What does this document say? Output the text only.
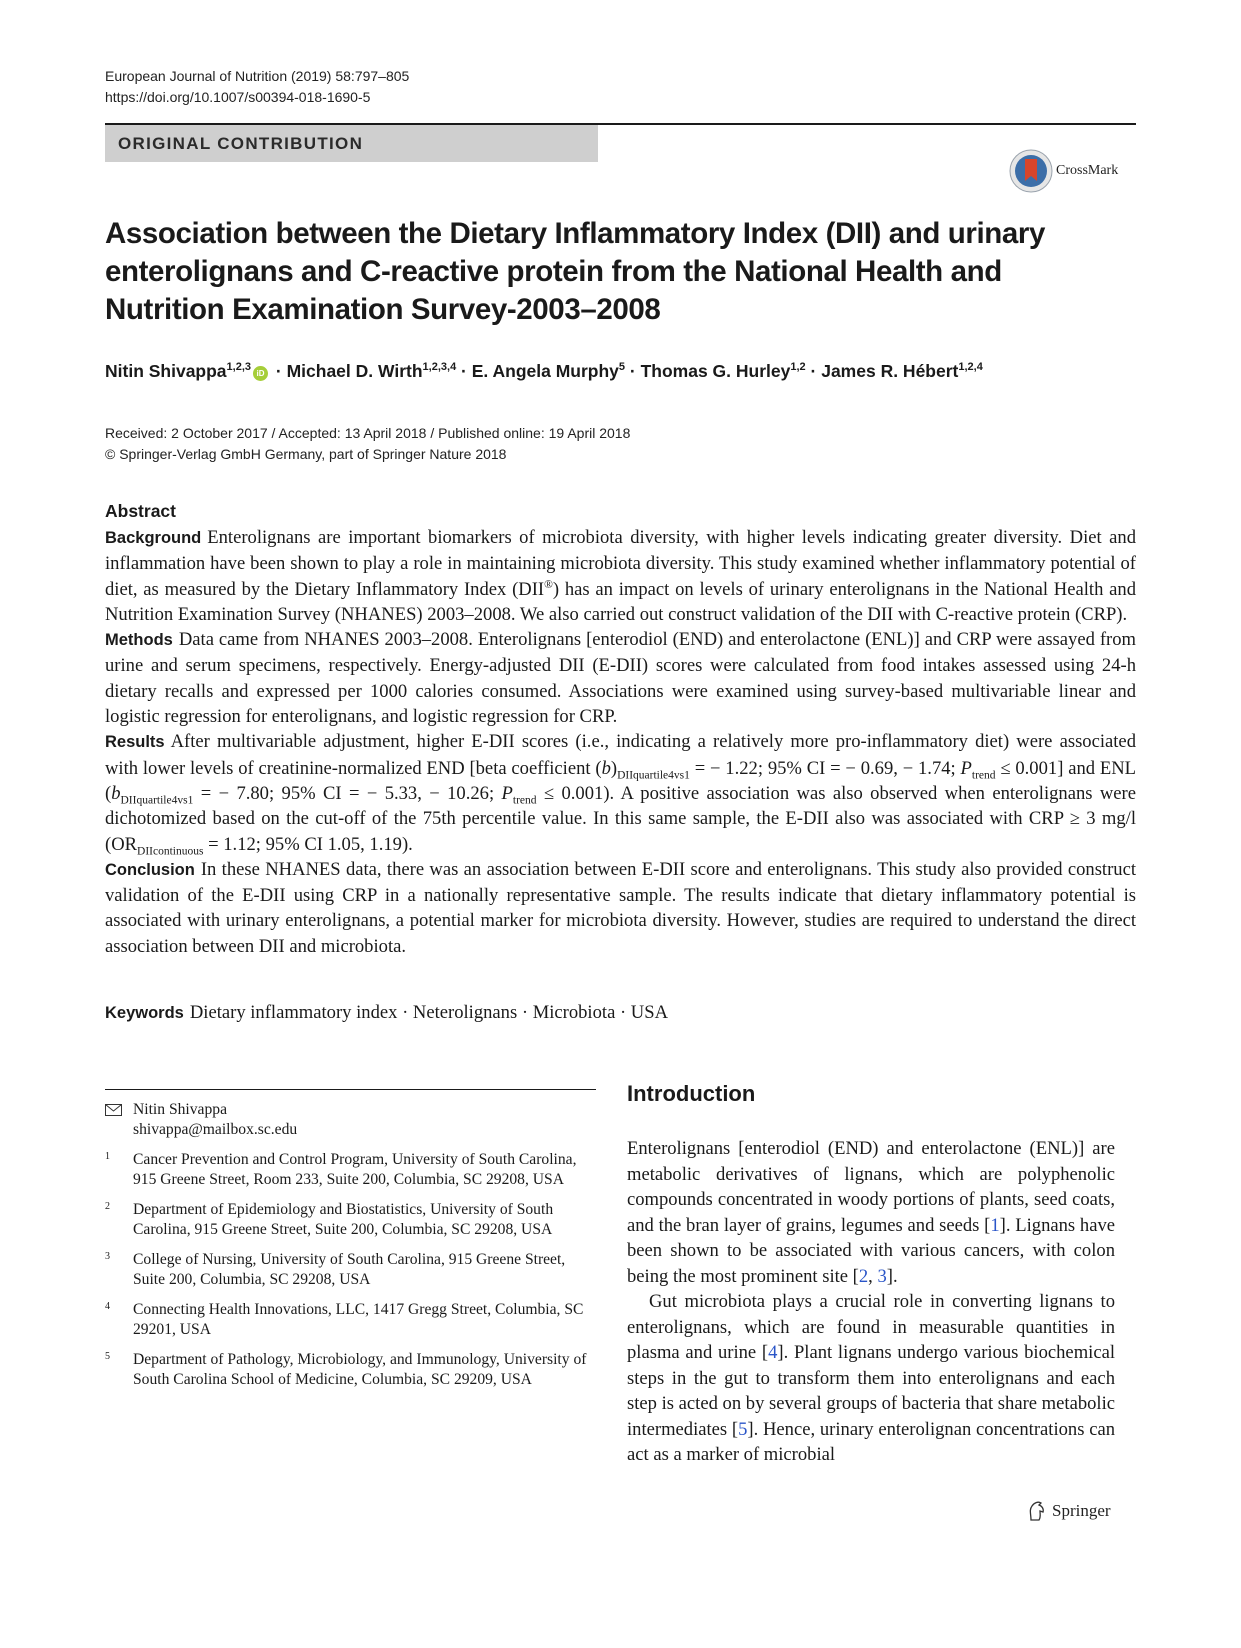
European Journal of Nutrition (2019) 58:797–805
https://doi.org/10.1007/s00394-018-1690-5
ORIGINAL CONTRIBUTION
CrossMark
Association between the Dietary Inflammatory Index (DII) and urinary enterolignans and C-reactive protein from the National Health and Nutrition Examination Survey-2003–2008
Nitin Shivappa$^{1,2,3}$iD · Michael D. Wirth$^{1,2,3,4}$ · E. Angela Murphy$^5$ · Thomas G. Hurley$^{1,2}$ · James R. Hébert$^{1,2,4}$
Received: 2 October 2017 / Accepted: 13 April 2018 / Published online: 19 April 2018
© Springer-Verlag GmbH Germany, part of Springer Nature 2018
Abstract

Background Enterolignans are important biomarkers of microbiota diversity, with higher levels indicating greater diversity. Diet and inflammation have been shown to play a role in maintaining microbiota diversity. This study examined whether inflammatory potential of diet, as measured by the Dietary Inflammatory Index (DII®) has an impact on levels of urinary enterolignans in the National Health and Nutrition Examination Survey (NHANES) 2003–2008. We also carried out construct validation of the DII with C-reactive protein (CRP).

Methods Data came from NHANES 2003–2008. Enterolignans [enterodiol (END) and enterolactone (ENL)] and CRP were assayed from urine and serum specimens, respectively. Energy-adjusted DII (E-DII) scores were calculated from food intakes assessed using 24-h dietary recalls and expressed per 1000 calories consumed. Associations were examined using survey-based multivariable linear and logistic regression for enterolignans, and logistic regression for CRP.

Results After multivariable adjustment, higher E-DII scores (i.e., indicating a relatively more pro-inflammatory diet) were associated with lower levels of creatinine-normalized END [beta coefficient $(b)_{DIIquartile4vs1}$ = − 1.22; 95% CI = − 0.69, − 1.74; $P_{trend} \le 0.001$] and ENL ($b_{DIIquartile4vs1}$ = − 7.80; 95% CI = − 5.33, − 10.26; $P_{trend} \le 0.001$). A positive association was also observed when enterolignans were dichotomized based on the cut-off of the 75th percentile value. In this same sample, the E-DII also was associated with CRP ≥ 3 mg/l ($OR_{DIIcontinuous} = 1.12$; 95% CI 1.05, 1.19).

Conclusion In these NHANES data, there was an association between E-DII score and enterolignans. This study also provided construct validation of the E-DII using CRP in a nationally representative sample. The results indicate that dietary inflammatory potential is associated with urinary enterolignans, a potential marker for microbiota diversity. However, studies are required to understand the direct association between DII and microbiota.

Keywords Dietary inflammatory index · Neterolignans · Microbiota · USA
Nitin Shivappa
shivappa@mailbox.sc.edu
1 Cancer Prevention and Control Program, University of South Carolina, 915 Greene Street, Room 233, Suite 200, Columbia, SC 29208, USA
2 Department of Epidemiology and Biostatistics, University of South Carolina, 915 Greene Street, Suite 200, Columbia, SC 29208, USA
3 College of Nursing, University of South Carolina, 915 Greene Street, Suite 200, Columbia, SC 29208, USA
4 Connecting Health Innovations, LLC, 1417 Gregg Street, Columbia, SC 29201, USA
5 Department of Pathology, Microbiology, and Immunology, University of South Carolina School of Medicine, Columbia, SC 29209, USA
Introduction

Enterolignans [enterodiol (END) and enterolactone (ENL)] are metabolic derivatives of lignans, which are polyphenolic compounds concentrated in woody portions of plants, seed coats, and the bran layer of grains, legumes and seeds [1]. Lignans have been shown to be associated with various cancers, with colon being the most prominent site [2, 3].

Gut microbiota plays a crucial role in converting lignans to enterolignans, which are found in measurable quantities in plasma and urine [4]. Plant lignans undergo various biochemical steps in the gut to transform them into enterolignans and each step is acted on by several groups of bacteria that share metabolic intermediates [5]. Hence, urinary enterolignan concentrations can act as a marker of microbial

Springer
